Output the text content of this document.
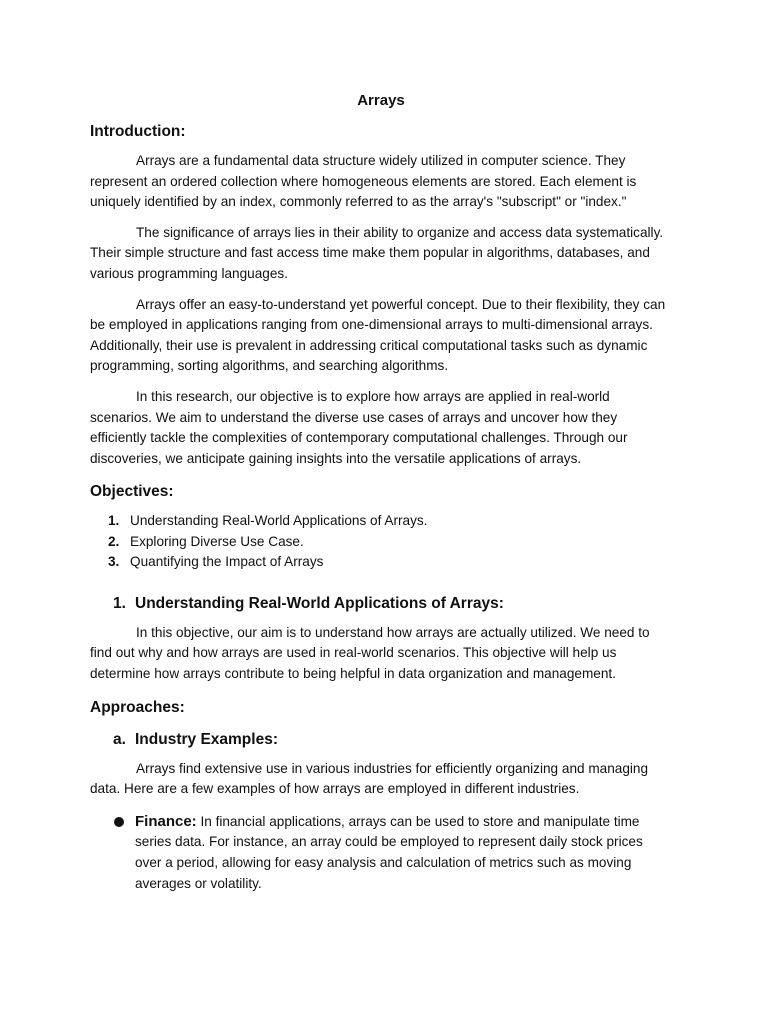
Arrays
Introduction:

Arrays are a fundamental data structure widely utilized in computer science. They represent an ordered collection where homogeneous elements are stored. Each element is uniquely identified by an index, commonly referred to as the array's "subscript" or "index."

The significance of arrays lies in their ability to organize and access data systematically. Their simple structure and fast access time make them popular in algorithms, databases, and various programming languages.

Arrays offer an easy-to-understand yet powerful concept. Due to their flexibility, they can be employed in applications ranging from one-dimensional arrays to multi-dimensional arrays. Additionally, their use is prevalent in addressing critical computational tasks such as dynamic programming, sorting algorithms, and searching algorithms.

In this research, our objective is to explore how arrays are applied in real-world scenarios. We aim to understand the diverse use cases of arrays and uncover how they efficiently tackle the complexities of contemporary computational challenges. Through our discoveries, we anticipate gaining insights into the versatile applications of arrays.

Objectives:
1. Understanding Real-World Applications of Arrays.
2. Exploring Diverse Use Case.
3. Quantifying the Impact of Arrays
1. Understanding Real-World Applications of Arrays:

In this objective, our aim is to understand how arrays are actually utilized. We need to find out why and how arrays are used in real-world scenarios. This objective will help us determine how arrays contribute to being helpful in data organization and management.

Approaches:
a. Industry Examples:

Arrays find extensive use in various industries for efficiently organizing and managing data. Here are a few examples of how arrays are employed in different industries.

Finance: In financial applications, arrays can be used to store and manipulate time series data. For instance, an array could be employed to represent daily stock prices over a period, allowing for easy analysis and calculation of metrics such as moving averages or volatility.
